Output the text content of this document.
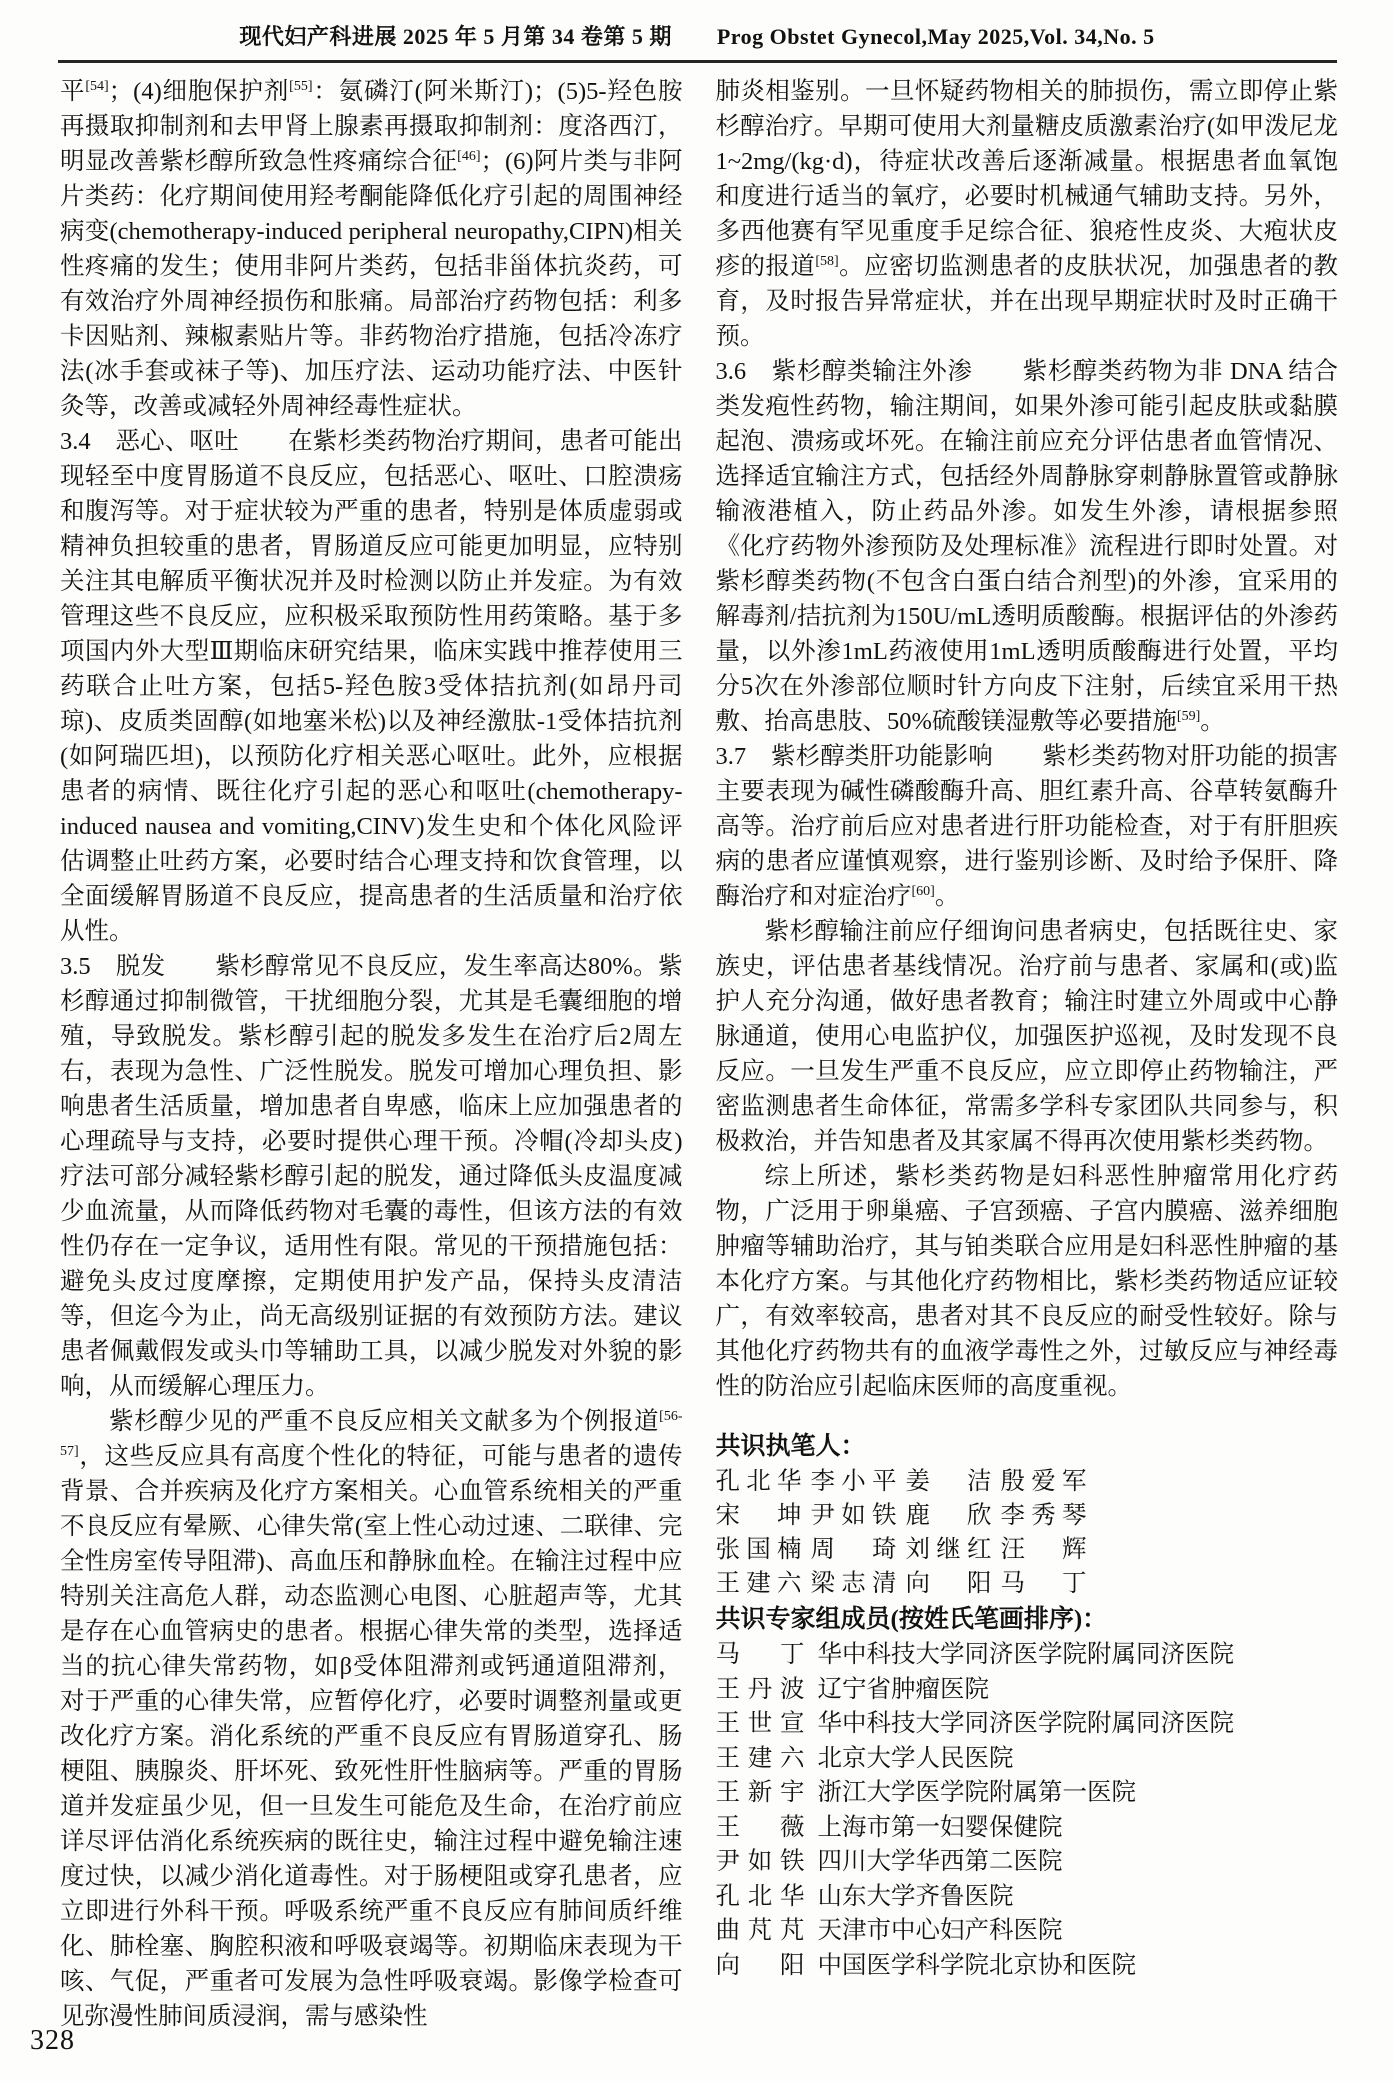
现代妇产科进展 2025 年 5 月第 34 卷第 5 期　　Prog Obstet Gynecol,May 2025,Vol. 34,No. 5

平[54]；(4)细胞保护剂[55]：氨磷汀(阿米斯汀)；(5)5-羟色胺再摄取抑制剂和去甲肾上腺素再摄取抑制剂：度洛西汀，明显改善紫杉醇所致急性疼痛综合征[46]；(6)阿片类与非阿片类药：化疗期间使用羟考酮能降低化疗引起的周围神经病变(chemotherapy-induced peripheral neuropathy,CIPN)相关性疼痛的发生；使用非阿片类药，包括非甾体抗炎药，可有效治疗外周神经损伤和胀痛。局部治疗药物包括：利多卡因贴剂、辣椒素贴片等。非药物治疗措施，包括冷冻疗法(冰手套或袜子等)、加压疗法、运动功能疗法、中医针灸等，改善或减轻外周神经毒性症状。

3.4　恶心、呕吐　　在紫杉类药物治疗期间，患者可能出现轻至中度胃肠道不良反应，包括恶心、呕吐、口腔溃疡和腹泻等。对于症状较为严重的患者，特别是体质虚弱或精神负担较重的患者，胃肠道反应可能更加明显，应特别关注其电解质平衡状况并及时检测以防止并发症。为有效管理这些不良反应，应积极采取预防性用药策略。基于多项国内外大型Ⅲ期临床研究结果，临床实践中推荐使用三药联合止吐方案，包括5-羟色胺3受体拮抗剂(如昂丹司琼)、皮质类固醇(如地塞米松)以及神经激肽-1受体拮抗剂(如阿瑞匹坦)，以预防化疗相关恶心呕吐。此外，应根据患者的病情、既往化疗引起的恶心和呕吐(chemotherapy-induced nausea and vomiting,CINV)发生史和个体化风险评估调整止吐药方案，必要时结合心理支持和饮食管理，以全面缓解胃肠道不良反应，提高患者的生活质量和治疗依从性。

3.5　脱发　　紫杉醇常见不良反应，发生率高达80%。紫杉醇通过抑制微管，干扰细胞分裂，尤其是毛囊细胞的增殖，导致脱发。紫杉醇引起的脱发多发生在治疗后2周左右，表现为急性、广泛性脱发。脱发可增加心理负担、影响患者生活质量，增加患者自卑感，临床上应加强患者的心理疏导与支持，必要时提供心理干预。冷帽(冷却头皮)疗法可部分减轻紫杉醇引起的脱发，通过降低头皮温度减少血流量，从而降低药物对毛囊的毒性，但该方法的有效性仍存在一定争议，适用性有限。常见的干预措施包括：避免头皮过度摩擦，定期使用护发产品，保持头皮清洁等，但迄今为止，尚无高级别证据的有效预防方法。建议患者佩戴假发或头巾等辅助工具，以减少脱发对外貌的影响，从而缓解心理压力。

紫杉醇少见的严重不良反应相关文献多为个例报道[56-57]，这些反应具有高度个性化的特征，可能与患者的遗传背景、合并疾病及化疗方案相关。心血管系统相关的严重不良反应有晕厥、心律失常(室上性心动过速、二联律、完全性房室传导阻滞)、高血压和静脉血栓。在输注过程中应特别关注高危人群，动态监测心电图、心脏超声等，尤其是存在心血管病史的患者。根据心律失常的类型，选择适当的抗心律失常药物，如β受体阻滞剂或钙通道阻滞剂，对于严重的心律失常，应暂停化疗，必要时调整剂量或更改化疗方案。消化系统的严重不良反应有胃肠道穿孔、肠梗阻、胰腺炎、肝坏死、致死性肝性脑病等。严重的胃肠道并发症虽少见，但一旦发生可能危及生命，在治疗前应详尽评估消化系统疾病的既往史，输注过程中避免输注速度过快，以减少消化道毒性。对于肠梗阻或穿孔患者，应立即进行外科干预。呼吸系统严重不良反应有肺间质纤维化、肺栓塞、胸腔积液和呼吸衰竭等。初期临床表现为干咳、气促，严重者可发展为急性呼吸衰竭。影像学检查可见弥漫性肺间质浸润，需与感染性

肺炎相鉴别。一旦怀疑药物相关的肺损伤，需立即停止紫杉醇治疗。早期可使用大剂量糖皮质激素治疗(如甲泼尼龙1~2mg/(kg·d)，待症状改善后逐渐减量。根据患者血氧饱和度进行适当的氧疗，必要时机械通气辅助支持。另外，多西他赛有罕见重度手足综合征、狼疮性皮炎、大疱状皮疹的报道[58]。应密切监测患者的皮肤状况，加强患者的教育，及时报告异常症状，并在出现早期症状时及时正确干预。

3.6　紫杉醇类输注外渗　　紫杉醇类药物为非 DNA 结合类发疱性药物，输注期间，如果外渗可能引起皮肤或黏膜起泡、溃疡或坏死。在输注前应充分评估患者血管情况、选择适宜输注方式，包括经外周静脉穿刺静脉置管或静脉输液港植入，防止药品外渗。如发生外渗，请根据参照《化疗药物外渗预防及处理标准》流程进行即时处置。对紫杉醇类药物(不包含白蛋白结合剂型)的外渗，宜采用的解毒剂/拮抗剂为150U/mL透明质酸酶。根据评估的外渗药量，以外渗1mL药液使用1mL透明质酸酶进行处置，平均分5次在外渗部位顺时针方向皮下注射，后续宜采用干热敷、抬高患肢、50%硫酸镁湿敷等必要措施[59]。

3.7　紫杉醇类肝功能影响　　紫杉类药物对肝功能的损害主要表现为碱性磷酸酶升高、胆红素升高、谷草转氨酶升高等。治疗前后应对患者进行肝功能检查，对于有肝胆疾病的患者应谨慎观察，进行鉴别诊断、及时给予保肝、降酶治疗和对症治疗[60]。

紫杉醇输注前应仔细询问患者病史，包括既往史、家族史，评估患者基线情况。治疗前与患者、家属和(或)监护人充分沟通，做好患者教育；输注时建立外周或中心静脉通道，使用心电监护仪，加强医护巡视，及时发现不良反应。一旦发生严重不良反应，应立即停止药物输注，严密监测患者生命体征，常需多学科专家团队共同参与，积极救治，并告知患者及其家属不得再次使用紫杉类药物。

综上所述，紫杉类药物是妇科恶性肿瘤常用化疗药物，广泛用于卵巢癌、子宫颈癌、子宫内膜癌、滋养细胞肿瘤等辅助治疗，其与铂类联合应用是妇科恶性肿瘤的基本化疗方案。与其他化疗药物相比，紫杉类药物适应证较广，有效率较高，患者对其不良反应的耐受性较好。除与其他化疗药物共有的血液学毒性之外，过敏反应与神经毒性的防治应引起临床医师的高度重视。

共识执笔人：
孔 北 华 李 小 平 姜 洁 殷 爱 军
宋 坤 尹 如 铁 鹿 欣 李 秀 琴
张 国 楠 周 琦 刘 继 红 汪 辉
王 建 六 梁 志 清 向 阳 马 丁
共识专家组成员(按姓氏笔画排序)：
马 丁 华中科技大学同济医学院附属同济医院
王 丹 波 辽宁省肿瘤医院
王 世 宣 华中科技大学同济医学院附属同济医院
王 建 六 北京大学人民医院
王 新 宇 浙江大学医学院附属第一医院
王 薇 上海市第一妇婴保健院
尹 如 铁 四川大学华西第二医院
孔 北 华 山东大学齐鲁医院
曲 芃 芃 天津市中心妇产科医院
向 阳 中国医学科学院北京协和医院
328
